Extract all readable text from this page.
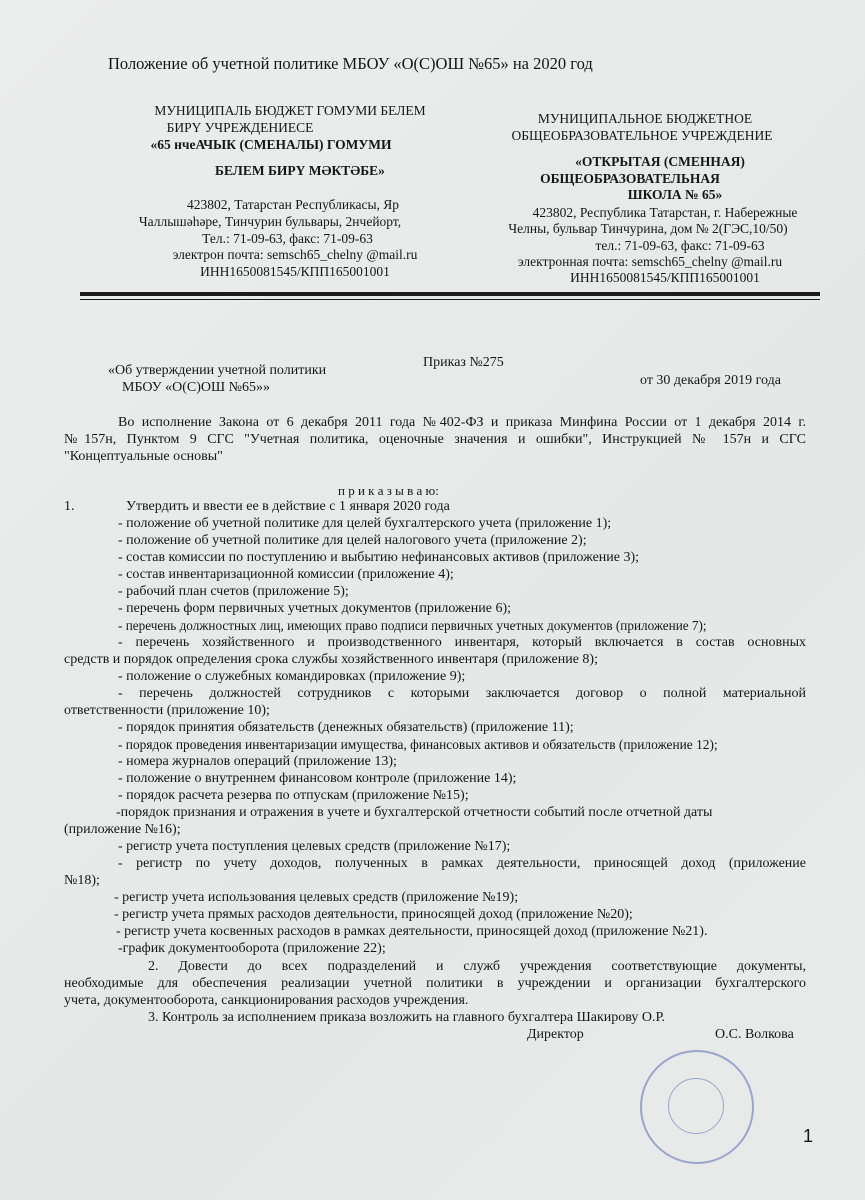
Положение об учетной политике МБОУ «О(С)ОШ №65» на 2020 год
МУНИЦИПАЛЬ БЮДЖЕТ ГОМУМИ БЕЛЕМ
БИРҮ УЧРЕЖДЕНИЕСЕ
«65 нчеАЧЫК (СМЕНАЛЫ) ГОМУМИ
БЕЛЕМ БИРҮ МӘКТӘБЕ»
423802, Татарстан Республикасы, Яр
Чаллышәһәре, Тинчурин бульвары, 2нчейорт,
Тел.: 71-09-63, факс: 71-09-63
электрон почта: semsch65_chelny @mail.ru
ИНН1650081545/КПП165001001
МУНИЦИПАЛЬНОЕ БЮДЖЕТНОЕ
ОБЩЕОБРАЗОВАТЕЛЬНОЕ УЧРЕЖДЕНИЕ
«ОТКРЫТАЯ (СМЕННАЯ)
ОБЩЕОБРАЗОВАТЕЛЬНАЯ
ШКОЛА № 65»
423802, Республика Татарстан, г. Набережные
Челны, бульвар Тинчурина, дом № 2(ГЭС,10/50)
тел.: 71-09-63, факс: 71-09-63
электронная почта: semsch65_chelny @mail.ru
ИНН1650081545/КПП165001001
Приказ №275
от 30 декабря 2019 года
«Об утверждении учетной политики
МБОУ «О(С)ОШ №65»»
Во исполнение Закона от 6 декабря 2011 года №402-ФЗ и приказа Минфина России от 1 декабря 2014 г.
№157н, Пунктом 9 СГС "Учетная политика, оценочные значения и ошибки", Инструкцией № 157н и СГС
"Концептуальные основы"
п р и к а з ы в а ю:
1.	Утвердить и ввести ее в действие с 1 января 2020 года
- положение об учетной политике для целей бухгалтерского учета (приложение 1);
- положение об учетной политике для целей налогового учета (приложение 2);
- состав комиссии по поступлению и выбытию нефинансовых активов (приложение 3);
- состав инвентаризационной комиссии (приложение 4);
- рабочий план счетов (приложение 5);
- перечень форм первичных учетных документов (приложение 6);
- перечень должностных лиц, имеющих право подписи первичных учетных документов (приложение 7);
- перечень хозяйственного и производственного инвентаря, который включается в состав основных
средств и порядок определения срока службы хозяйственного инвентаря (приложение 8);
- положение о служебных командировках (приложение 9);
- перечень должностей сотрудников с которыми заключается договор о полной материальной
ответственности (приложение 10);
- порядок принятия обязательств (денежных обязательств) (приложение 11);
- порядок проведения инвентаризации имущества, финансовых активов и обязательств (приложение 12);
- номера журналов операций (приложение 13);
- положение о внутреннем финансовом контроле (приложение 14);
- порядок расчета резерва по отпускам (приложение №15);
-порядок признания и отражения в учете и бухгалтерской отчетности событий после отчетной даты
(приложение №16);
- регистр учета поступления целевых средств (приложение №17);
- регистр по учету доходов, полученных в рамках деятельности, приносящей доход (приложение
№18);
- регистр учета использования целевых средств (приложение №19);
- регистр учета прямых расходов деятельности, приносящей доход (приложение №20);
- регистр учета косвенных расходов в рамках деятельности, приносящей доход (приложение №21).
-график документооборота (приложение 22);
2. Довести до всех подразделений и служб учреждения соответствующие документы,
необходимые для обеспечения реализации учетной политики в учреждении и организации бухгалтерского
учета, документооборота, санкционирования расходов учреждения.
3. Контроль за исполнением приказа возложить на главного бухгалтера Шакирову О.Р.
Директор	О.С. Волкова
1
